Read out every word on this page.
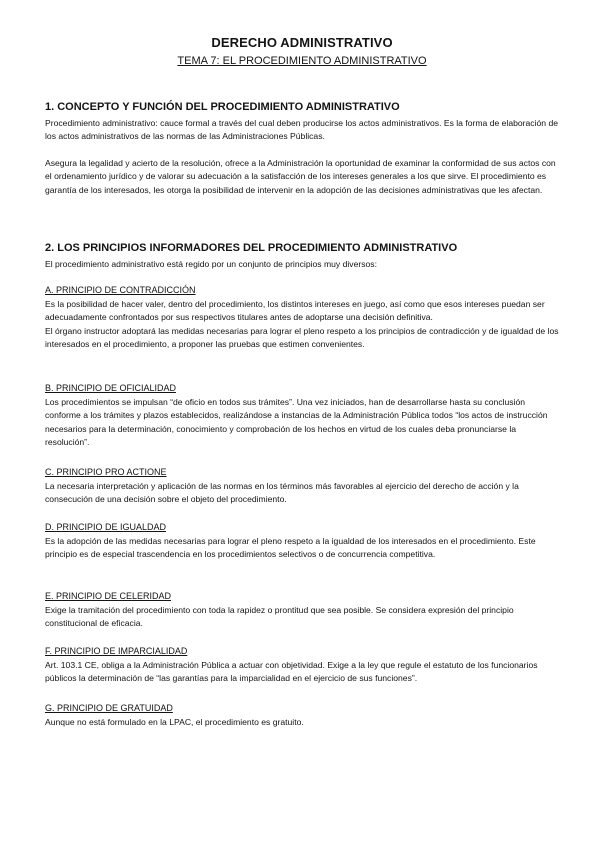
DERECHO ADMINISTRATIVO
TEMA 7: EL PROCEDIMIENTO ADMINISTRATIVO
1. CONCEPTO Y FUNCIÓN DEL PROCEDIMIENTO ADMINISTRATIVO
Procedimiento administrativo: cauce formal a través del cual deben producirse los actos administrativos. Es la forma de elaboración de los actos administrativos de las normas de las Administraciones Públicas.
Asegura la legalidad y acierto de la resolución, ofrece a la Administración la oportunidad de examinar la conformidad de sus actos con el ordenamiento jurídico y de valorar su adecuación a la satisfacción de los intereses generales a los que sirve. El procedimiento es garantía de los interesados, les otorga la posibilidad de intervenir en la adopción de las decisiones administrativas que les afectan.
2. LOS PRINCIPIOS INFORMADORES DEL PROCEDIMIENTO ADMINISTRATIVO
El procedimiento administrativo está regido por un conjunto de principios muy diversos:
A. PRINCIPIO DE CONTRADICCIÓN

Es la posibilidad de hacer valer, dentro del procedimiento, los distintos intereses en juego, así como que esos intereses puedan ser adecuadamente confrontados por sus respectivos titulares antes de adoptarse una decisión definitiva.

El órgano instructor adoptará las medidas necesarias para lograr el pleno respeto a los principios de contradicción y de igualdad de los interesados en el procedimiento, a proponer las pruebas que estimen convenientes.

B. PRINCIPIO DE OFICIALIDAD
Los procedimientos se impulsan “de oficio en todos sus trámites”. Una vez iniciados, han de desarrollarse hasta su conclusión conforme a los trámites y plazos establecidos, realizándose a instancias de la Administración Pública todos “los actos de instrucción necesarios para la determinación, conocimiento y comprobación de los hechos en virtud de los cuales deba pronunciarse la resolución”.
C. PRINCIPIO PRO ACTIONE
La necesaria interpretación y aplicación de las normas en los términos más favorables al ejercicio del derecho de acción y la consecución de una decisión sobre el objeto del procedimiento.
D. PRINCIPIO DE IGUALDAD
Es la adopción de las medidas necesarias para lograr el pleno respeto a la igualdad de los interesados en el procedimiento. Este principio es de especial trascendencia en los procedimientos selectivos o de concurrencia competitiva.
E. PRINCIPIO DE CELERIDAD
Exige la tramitación del procedimiento con toda la rapidez o prontitud que sea posible. Se considera expresión del principio constitucional de eficacia.
F. PRINCIPIO DE IMPARCIALIDAD
Art. 103.1 CE, obliga a la Administración Pública a actuar con objetividad. Exige a la ley que regule el estatuto de los funcionarios públicos la determinación de “las garantías para la imparcialidad en el ejercicio de sus funciones”.
G. PRINCIPIO DE GRATUIDAD
Aunque no está formulado en la LPAC, el procedimiento es gratuito.
